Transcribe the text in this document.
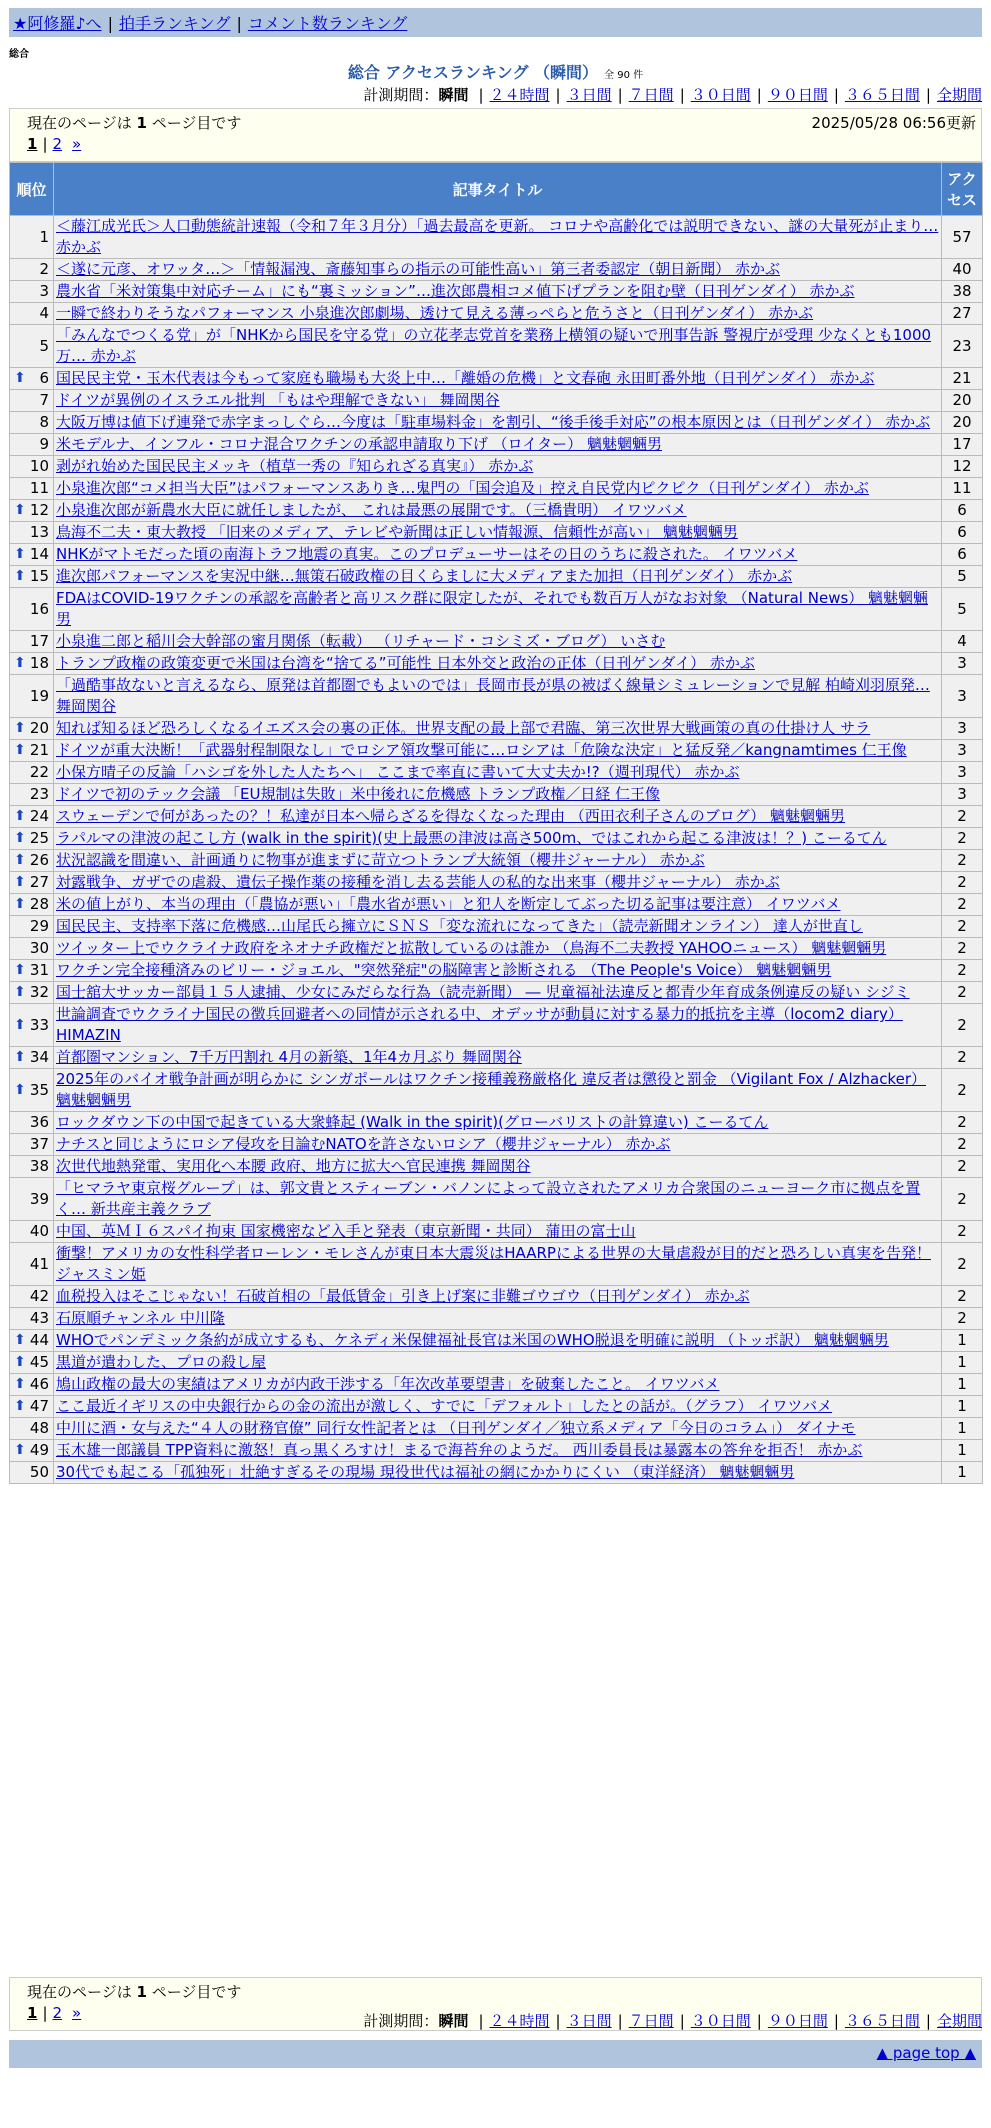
★阿修羅♪へ | 拍手ランキング | コメント数ランキング
総合
総合 アクセスランキング （瞬間） 全 90 件
計測期間：瞬間 | ２４時間 | ３日間 | ７日間 | ３０日間 | ９０日間 | ３６５日間 | 全期間
現在のページは 1 ページ目です	2025/05/28 06:56更新
1 | 2 »
順位	記事タイトル	アクセス
1	＜藤江成光氏＞人口動態統計速報（令和７年３月分）「過去最高を更新。 コロナや高齢化では説明できない、謎の大量死が止まり… 赤かぶ	57
2	＜遂に元彦、オワッタ…＞「情報漏洩、斎藤知事らの指示の可能性高い」第三者委認定（朝日新聞） 赤かぶ	40
3	農水省「米対策集中対応チーム」にも“裏ミッション”…進次郎農相コメ値下げプランを阻む壁（日刊ゲンダイ） 赤かぶ	38
4	一瞬で終わりそうなパフォーマンス 小泉進次郎劇場、透けて見える薄っぺらと危うさと（日刊ゲンダイ） 赤かぶ	27
5	「みんなでつくる党」が「NHKから国民を守る党」の立花孝志党首を業務上横領の疑いで刑事告訴 警視庁が受理 少なくとも1000万… 赤かぶ	23

⬆ 6	国民民主党・玉木代表は今もって家庭も職場も大炎上中…「離婚の危機」と文春砲 永田町番外地（日刊ゲンダイ） 赤かぶ	21
7	ドイツが異例のイスラエル批判 「もはや理解できない」 舞岡関谷	20
8	大阪万博は値下げ連発で赤字まっしぐら…今度は「駐車場料金」を割引、“後手後手対応”の根本原因とは（日刊ゲンダイ） 赤かぶ	20
9	米モデルナ、インフル・コロナ混合ワクチンの承認申請取り下げ （ロイター） 魑魅魍魎男	17
10	剥がれ始めた国民民主メッキ（植草一秀の『知られざる真実』） 赤かぶ	12
11	小泉進次郎“コメ担当大臣”はパフォーマンスありき…鬼門の「国会追及」控え自民党内ピクピク（日刊ゲンダイ） 赤かぶ	11

⬆ 12	小泉進次郎が新農水大臣に就任しましたが、 これは最悪の展開です。（三橋貴明） イワツバメ	6
13	鳥海不二夫・東大教授 「旧来のメディア、テレビや新聞は正しい情報源、信頼性が高い」 魑魅魍魎男	6

⬆ 14	NHKがマトモだった頃の南海トラフ地震の真実。このプロデューサーはその日のうちに殺された。 イワツバメ	6

⬆ 15	進次郎パフォーマンスを実況中継…無策石破政権の目くらましに大メディアまた加担（日刊ゲンダイ） 赤かぶ	5
16	FDAはCOVID-19ワクチンの承認を高齢者と高リスク群に限定したが、それでも数百万人がなお対象 （Natural News） 魑魅魍魎男	5
17	小泉進二郎と稲川会大幹部の蜜月関係（転載） （リチャード・コシミズ・ブログ） いさむ	4

⬆ 18	トランプ政権の政策変更で米国は台湾を“捨てる”可能性 日本外交と政治の正体（日刊ゲンダイ） 赤かぶ	3
19	「過酷事故ないと言えるなら、原発は首都圏でもよいのでは」長岡市長が県の被ばく線量シミュレーションで見解 柏崎刈羽原発… 舞岡関谷	3

⬆ 20	知れば知るほど恐ろしくなるイエズス会の裏の正体。世界支配の最上部で君臨、第三次世界大戦画策の真の仕掛け人 サラ	3

⬆ 21	ドイツが重大決断！「武器射程制限なし」でロシア領攻撃可能に…ロシアは「危険な決定」と猛反発／kangnamtimes 仁王像	3
22	小保方晴子の反論「ハシゴを外した人たちへ」 ここまで率直に書いて大丈夫か!?（週刊現代） 赤かぶ	3
23	ドイツで初のテック会議 「EU規制は失敗」米中後れに危機感 トランプ政権／日経 仁王像	3

⬆ 24	スウェーデンで何があったの？！私達が日本へ帰らざるを得なくなった理由 （西田衣利子さんのブログ） 魑魅魍魎男	2

⬆ 25	ラパルマの津波の起こし方 (walk in the spirit)(史上最悪の津波は高さ500m、ではこれから起こる津波は！？) こーるてん	2

⬆ 26	状況認識を間違い、計画通りに物事が進まずに苛立つトランプ大統領（櫻井ジャーナル） 赤かぶ	2

⬆ 27	対露戦争、ガザでの虐殺、遺伝子操作薬の接種を消し去る芸能人の私的な出来事（櫻井ジャーナル） 赤かぶ	2

⬆ 28	米の値上がり、本当の理由（「農協が悪い」「農水省が悪い」と犯人を断定してぶった切る記事は要注意） イワツバメ	2
29	国民民主、支持率下落に危機感…山尾氏ら擁立にＳＮＳ「変な流れになってきた」（読売新聞オンライン） 達人が世直し	2
30	ツイッター上でウクライナ政府をネオナチ政権だと拡散しているのは誰か （鳥海不二夫教授 YAHOOニュース） 魑魅魍魎男	2

⬆ 31	ワクチン完全接種済みのビリー・ジョエル、"突然発症"の脳障害と診断される （The People's Voice） 魑魅魍魎男	2

⬆ 32	国士舘大サッカー部員１５人逮捕、少女にみだらな行為（読売新聞） ― 児童福祉法違反と都青少年育成条例違反の疑い シジミ	2

⬆ 33	世論調査でウクライナ国民の徴兵回避者への同情が示される中、オデッサが動員に対する暴力的抵抗を主導（locom2 diary） HIMAZIN	2

⬆ 34	首都圏マンション、7千万円割れ 4月の新築、1年4カ月ぶり 舞岡関谷	2

⬆ 35	2025年のバイオ戦争計画が明らかに シンガポールはワクチン接種義務厳格化 違反者は懲役と罰金 （Vigilant Fox / Alzhacker） 魑魅魍魎男	2
36	ロックダウン下の中国で起きている大衆蜂起 (Walk in the spirit)(グローバリストの計算違い) こーるてん	2
37	ナチスと同じようにロシア侵攻を目論むNATOを許さないロシア（櫻井ジャーナル） 赤かぶ	2
38	次世代地熱発電、実用化へ本腰 政府、地方に拡大へ官民連携 舞岡関谷	2
39	「ヒマラヤ東京桜グループ」は、郭文貴とスティーブン・バノンによって設立されたアメリカ合衆国のニューヨーク市に拠点を置く… 新共産主義クラブ	2
40	中国、英ＭＩ６スパイ拘束 国家機密など入手と発表（東京新聞・共同） 蒲田の富士山	2
41	衝撃！アメリカの女性科学者ローレン・モレさんが東日本大震災はHAARPによる世界の大量虐殺が目的だと恐ろしい真実を告発！ ジャスミン姫	2
42	血税投入はそこじゃない！石破首相の「最低賃金」引き上げ案に非難ゴウゴウ（日刊ゲンダイ） 赤かぶ	2
43	石原順チャンネル 中川隆	2

⬆ 44	WHOでパンデミック条約が成立するも、ケネディ米保健福祉長官は米国のWHO脱退を明確に説明 （トッポ訳） 魑魅魍魎男	1

⬆ 45	黒道が遣わした、プロの殺し屋	1

⬆ 46	鳩山政権の最大の実績はアメリカが内政干渉する「年次改革要望書」を破棄したこと。 イワツバメ	1

⬆ 47	ここ最近イギリスの中央銀行からの金の流出が激しく、すでに「デフォルト」したとの話が。（グラフ） イワツバメ	1
48	中川に酒・女与えた“４人の財務官僚” 同行女性記者とは （日刊ゲンダイ／独立系メディア「今日のコラム」） ダイナモ	1

⬆ 49	玉木雄一郎議員 TPP資料に激怒！真っ黒くろすけ！まるで海苔弁のようだ。 西川委員長は暴露本の答弁を拒否！ 赤かぶ	1
50	30代でも起こる「孤独死」壮絶すぎるその現場 現役世代は福祉の網にかかりにくい （東洋経済） 魑魅魍魎男	1
現在のページは 1 ページ目です
1 | 2 »	計測期間：瞬間 | ２４時間 | ３日間 | ７日間 | ３０日間 | ９０日間 | ３６５日間 | 全期間
▲ page top ▲
